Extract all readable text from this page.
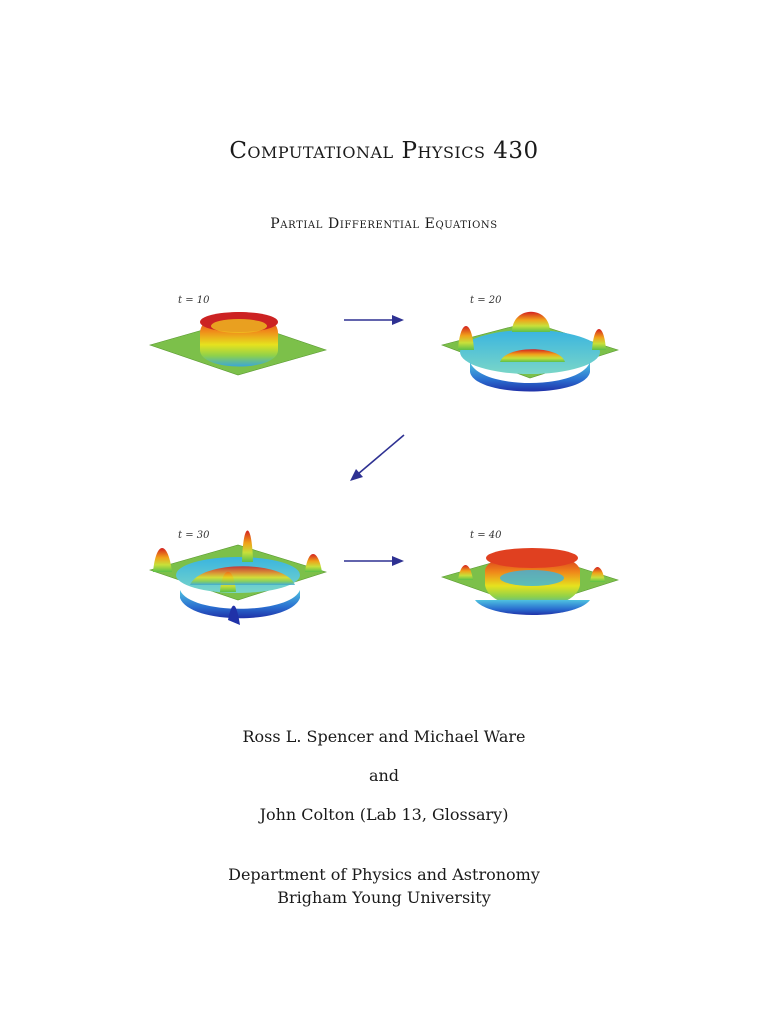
Computational Physics 430
Partial Differential Equations
t = 10	t = 20
t = 30	t = 40
Ross L. Spencer and Michael Ware
and
John Colton (Lab 13, Glossary)
Department of Physics and Astronomy
Brigham Young University
